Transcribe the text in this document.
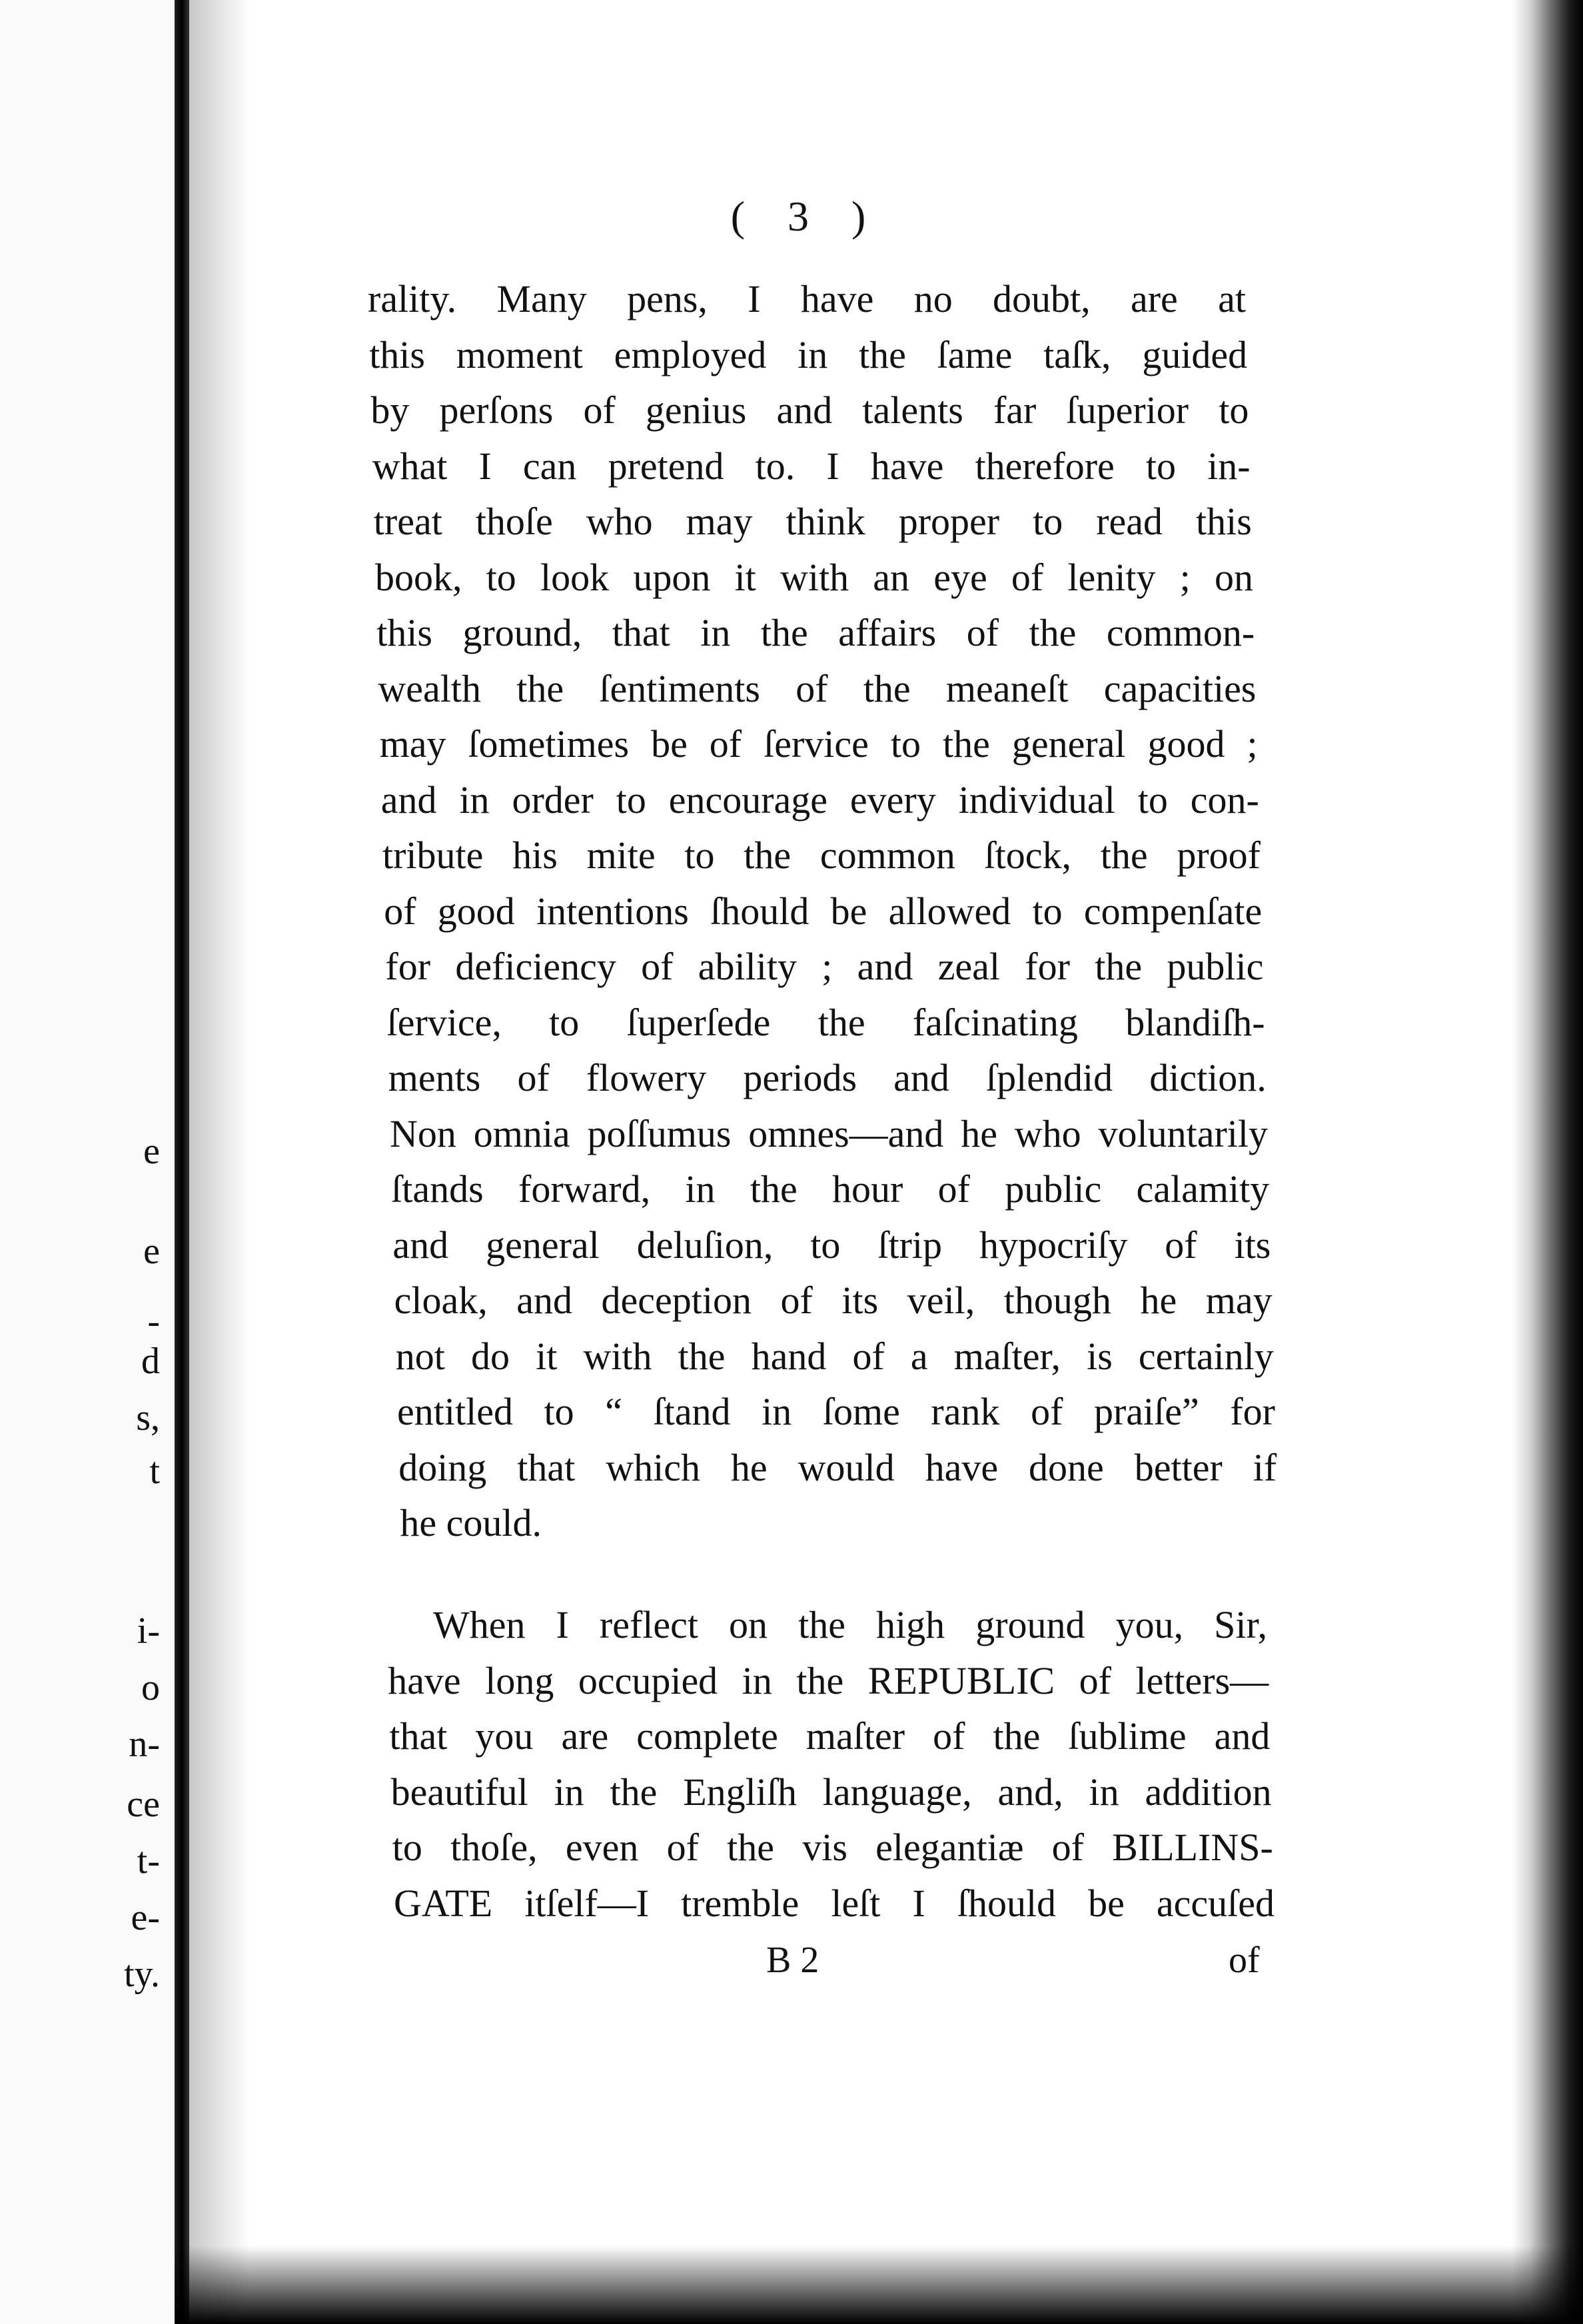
e
e
-
d
s,
t
i-
o
n-
ce
t-
e-
ty.
( 3 )
rality. Many pens, I have no doubt, are at
this moment employed in the ſame taſk, guided
by perſons of genius and talents far ſuperior to
what I can pretend to. I have therefore to in-
treat thoſe who may think proper to read this
book, to look upon it with an eye of lenity ; on
this ground, that in the affairs of the common-
wealth the ſentiments of the meaneſt capacities
may ſometimes be of ſervice to the general good ;
and in order to encourage every individual to con-
tribute his mite to the common ſtock, the proof
of good intentions ſhould be allowed to compenſate
for deficiency of ability ; and zeal for the public
ſervice, to ſuperſede the faſcinating blandiſh-
ments of flowery periods and ſplendid diction.
Non omnia poſſumus omnes—and he who voluntarily
ſtands forward, in the hour of public calamity
and general deluſion, to ſtrip hypocriſy of its
cloak, and deception of its veil, though he may
not do it with the hand of a maſter, is certainly
entitled to “ ſtand in ſome rank of praiſe” for
doing that which he would have done better if
he could.
When I reflect on the high ground you, Sir,
have long occupied in the REPUBLIC of letters—
that you are complete maſter of the ſublime and
beautiful in the Engliſh language, and, in addition
to thoſe, even of the vis elegantiæ of BILLINS-
GATE itſelf—I tremble leſt I ſhould be accuſed
B 2	of
